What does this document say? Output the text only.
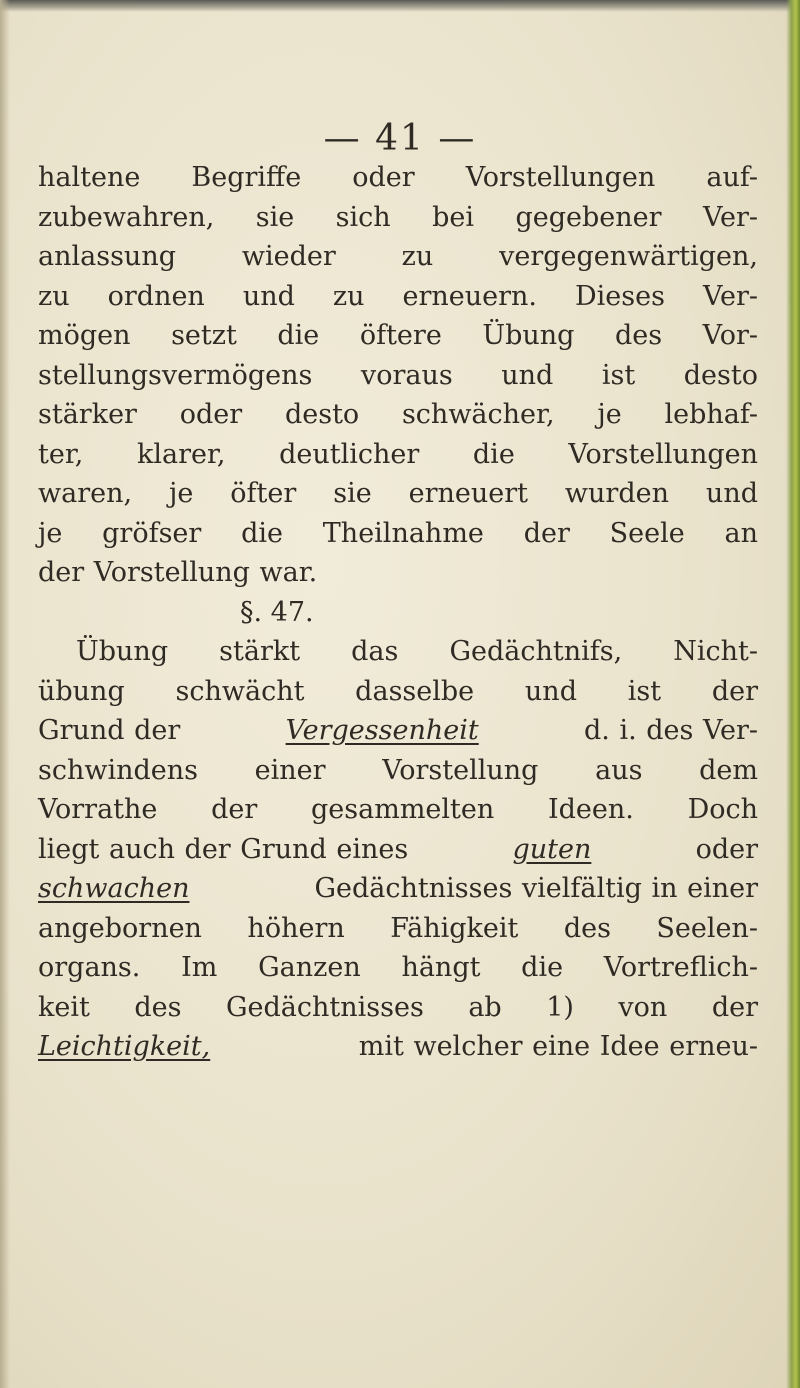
— 41 —
haltene Begriffe oder Vorstellungen auf-
zubewahren, sie sich bei gegebener Ver-
anlassung wieder zu vergegenwärtigen,
zu ordnen und zu erneuern. Dieses Ver-
mögen setzt die öftere Übung des Vor-
stellungsvermögens voraus und ist desto
stärker oder desto schwächer, je lebhaf-
ter, klarer, deutlicher die Vorstellungen
waren, je öfter sie erneuert wurden und
je gröfser die Theilnahme der Seele an
der Vorstellung war.
§. 47.
Übung stärkt das Gedächtnifs, Nicht-
übung schwächt dasselbe und ist der
Grund der	Vergessenheit	d. i. des Ver-
schwindens einer Vorstellung aus dem
Vorrathe der gesammelten Ideen. Doch
liegt auch der Grund eines	guten	oder
schwachen	Gedächtnisses vielfältig in einer
angebornen höhern Fähigkeit des Seelen-
organs. Im Ganzen hängt die Vortreflich-
keit des Gedächtnisses ab 1) von der
Leichtigkeit,	mit welcher eine Idee erneu-
